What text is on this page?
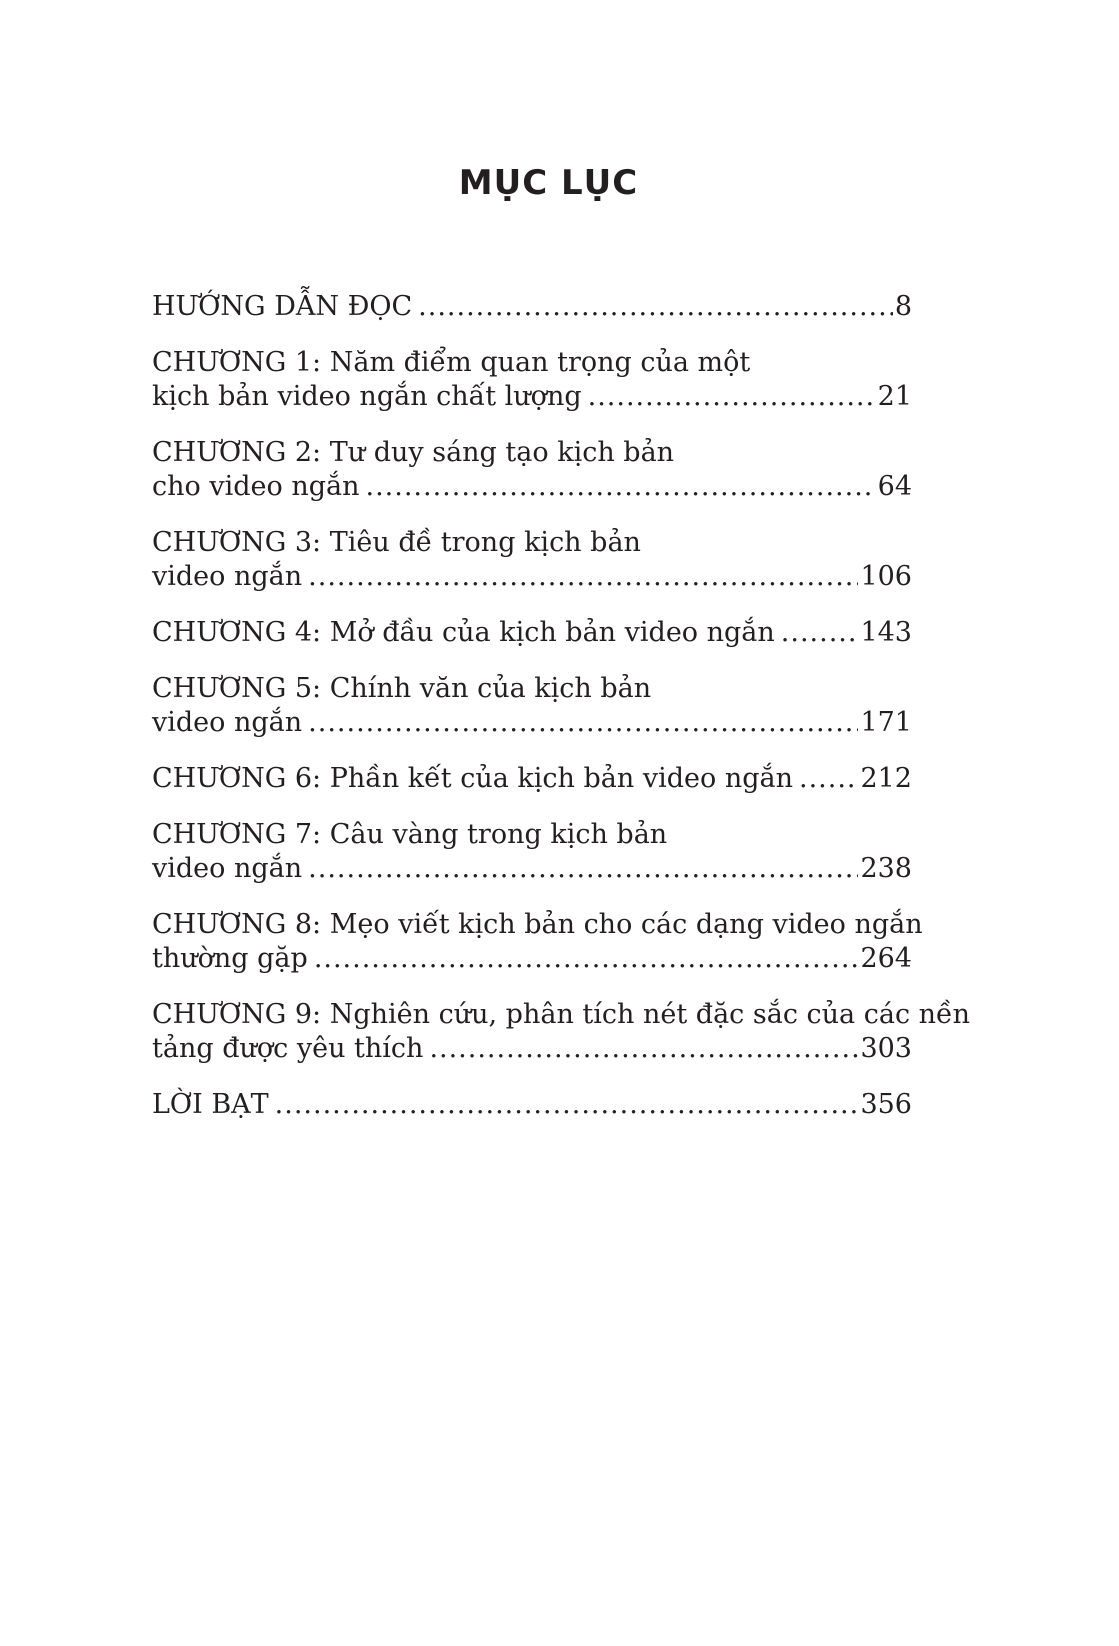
MỤC LỤC
HƯỚNG DẪN ĐỌC .....	8
CHƯƠNG 1: Năm điểm quan trọng của một
kịch bản video ngắn chất lượng .....	21
CHƯƠNG 2: Tư duy sáng tạo kịch bản
cho video ngắn .....	64
CHƯƠNG 3: Tiêu đề trong kịch bản
video ngắn .....	106
CHƯƠNG 4: Mở đầu của kịch bản video ngắn .....	143
CHƯƠNG 5: Chính văn của kịch bản
video ngắn .....	171
CHƯƠNG 6: Phần kết của kịch bản video ngắn ..... 212
CHƯƠNG 7: Câu vàng trong kịch bản
video ngắn .....	238
CHƯƠNG 8: Mẹo viết kịch bản cho các dạng video ngắn
thường gặp .....	264
CHƯƠNG 9: Nghiên cứu, phân tích nét đặc sắc của các nền
tảng được yêu thích .....	303
LỜI BẠT .....	356
